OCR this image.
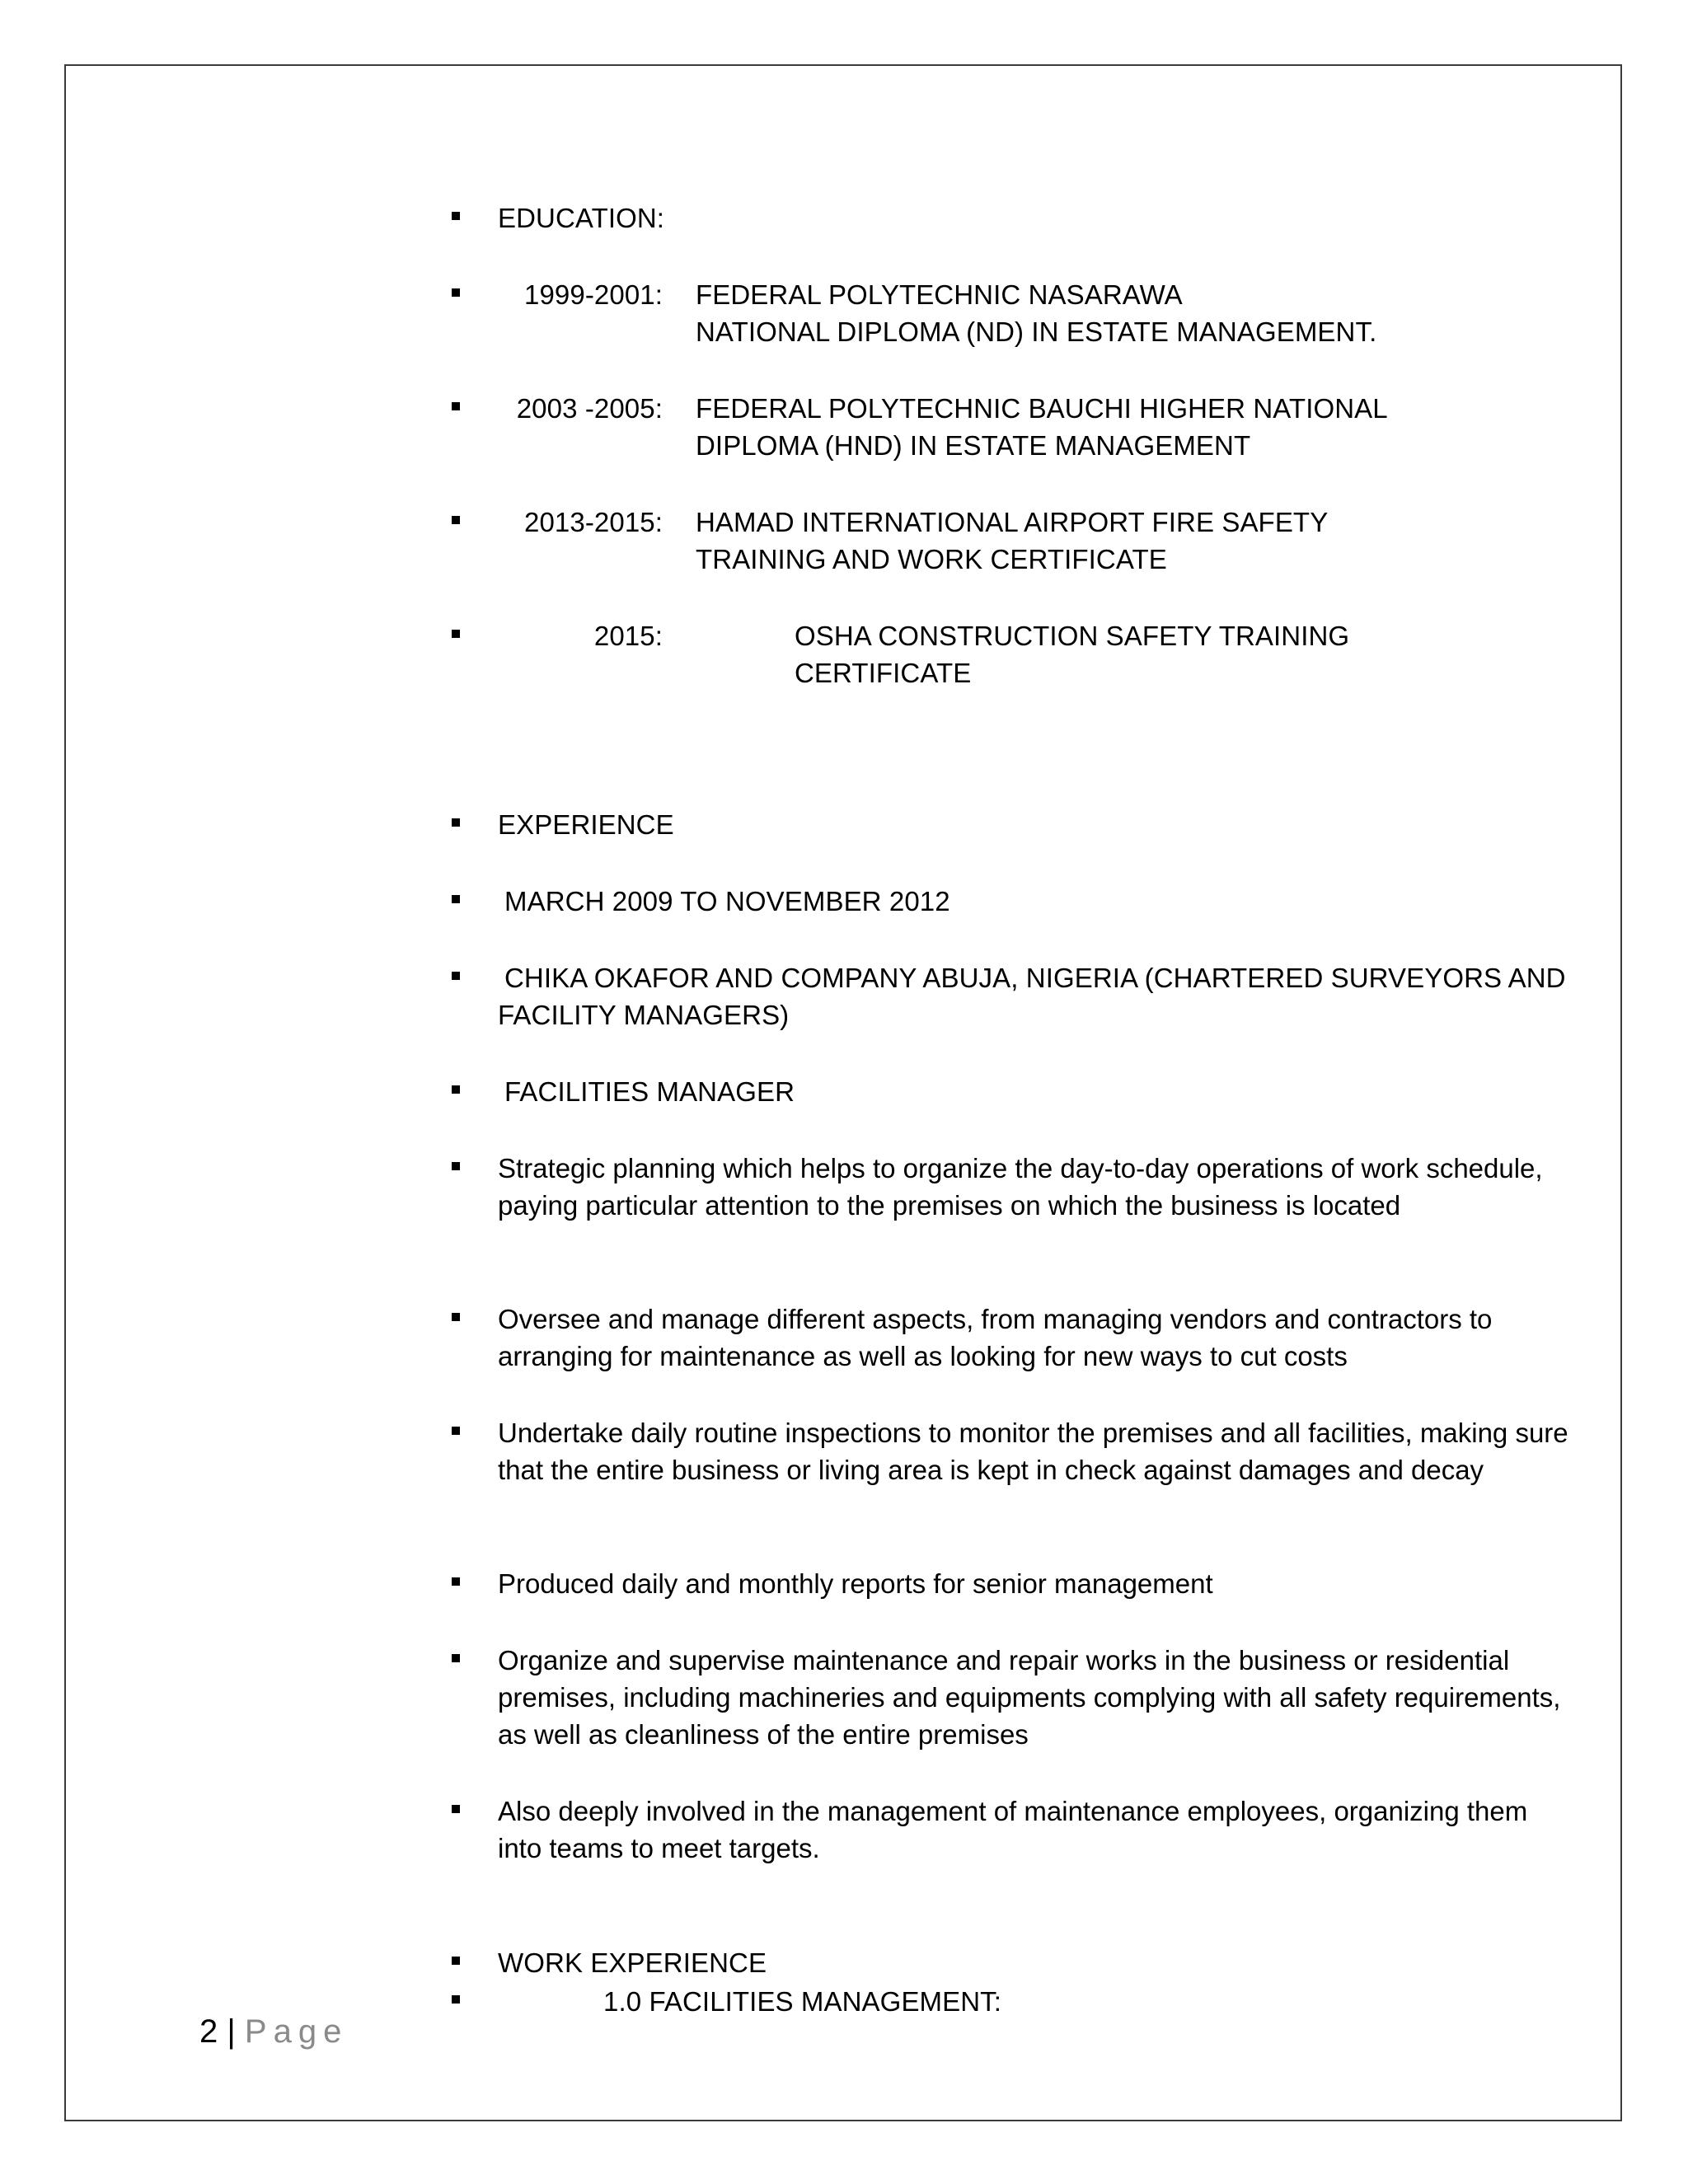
EDUCATION:
1999-2001: FEDERAL POLYTECHNIC NASARAWA
NATIONAL DIPLOMA (ND) IN ESTATE MANAGEMENT.
2003 -2005: FEDERAL POLYTECHNIC BAUCHI HIGHER NATIONAL
DIPLOMA (HND) IN ESTATE MANAGEMENT
2013-2015: HAMAD INTERNATIONAL AIRPORT FIRE SAFETY
TRAINING AND WORK CERTIFICATE
2015:	OSHA CONSTRUCTION SAFETY TRAINING
CERTIFICATE
EXPERIENCE
MARCH 2009 TO NOVEMBER 2012
CHIKA OKAFOR AND COMPANY ABUJA, NIGERIA (CHARTERED SURVEYORS AND
FACILITY MANAGERS)
FACILITIES MANAGER
Strategic planning which helps to organize the day-to-day operations of work schedule, paying particular attention to the premises on which the business is located
Oversee and manage different aspects, from managing vendors and contractors to arranging for maintenance as well as looking for new ways to cut costs
Undertake daily routine inspections to monitor the premises and all facilities, making sure that the entire business or living area is kept in check against damages and decay
Produced daily and monthly reports for senior management
Organize and supervise maintenance and repair works in the business or residential premises, including machineries and equipments complying with all safety requirements, as well as cleanliness of the entire premises
Also deeply involved in the management of maintenance employees, organizing them into teams to meet targets.
WORK EXPERIENCE
1.0 FACILITIES MANAGEMENT:
2 | Page
